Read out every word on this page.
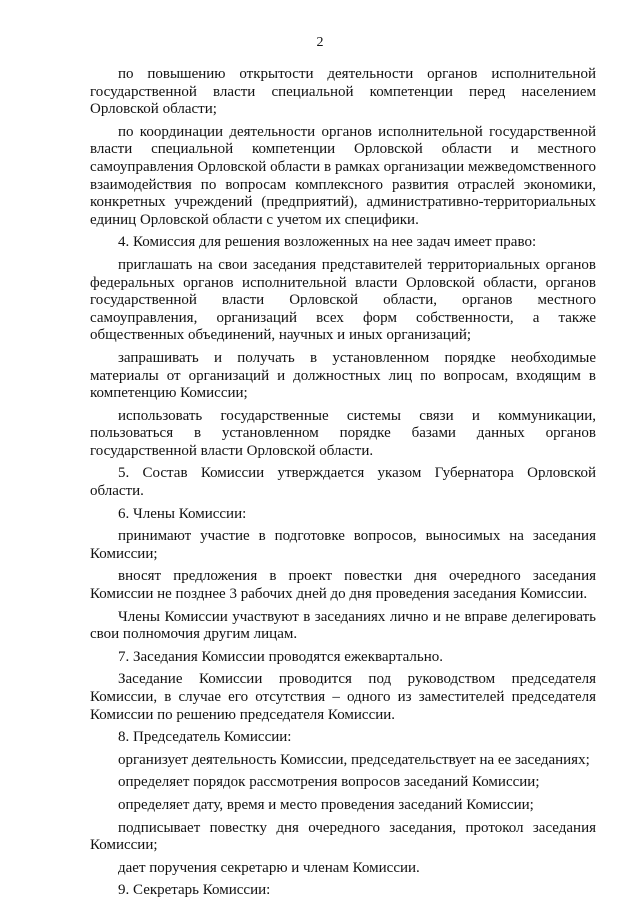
2

по повышению открытости деятельности органов исполнительной государственной власти специальной компетенции перед населением Орловской области;

по координации деятельности органов исполнительной государственной власти специальной компетенции Орловской области и местного самоуправления Орловской области в рамках организации межведомственного взаимодействия по вопросам комплексного развития отраслей экономики, конкретных учреждений (предприятий), административно-территориальных единиц Орловской области с учетом их специфики.

4. Комиссия для решения возложенных на нее задач имеет право:

приглашать на свои заседания представителей территориальных органов федеральных органов исполнительной власти Орловской области, органов государственной власти Орловской области, органов местного самоуправления, организаций всех форм собственности, а также общественных объединений, научных и иных организаций;

запрашивать и получать в установленном порядке необходимые материалы от организаций и должностных лиц по вопросам, входящим в компетенцию Комиссии;

использовать государственные системы связи и коммуникации, пользоваться в установленном порядке базами данных органов государственной власти Орловской области.

5. Состав Комиссии утверждается указом Губернатора Орловской области.

6. Члены Комиссии:

принимают участие в подготовке вопросов, выносимых на заседания Комиссии;

вносят предложения в проект повестки дня очередного заседания Комиссии не позднее 3 рабочих дней до дня проведения заседания Комиссии.

Члены Комиссии участвуют в заседаниях лично и не вправе делегировать свои полномочия другим лицам.

7. Заседания Комиссии проводятся ежеквартально.

Заседание Комиссии проводится под руководством председателя Комиссии, в случае его отсутствия – одного из заместителей председателя Комиссии по решению председателя Комиссии.

8. Председатель Комиссии:

организует деятельность Комиссии, председательствует на ее заседаниях;

определяет порядок рассмотрения вопросов заседаний Комиссии;

определяет дату, время и место проведения заседаний Комиссии;

подписывает повестку дня очередного заседания, протокол заседания Комиссии;

дает поручения секретарю и членам Комиссии.

9. Секретарь Комиссии:
